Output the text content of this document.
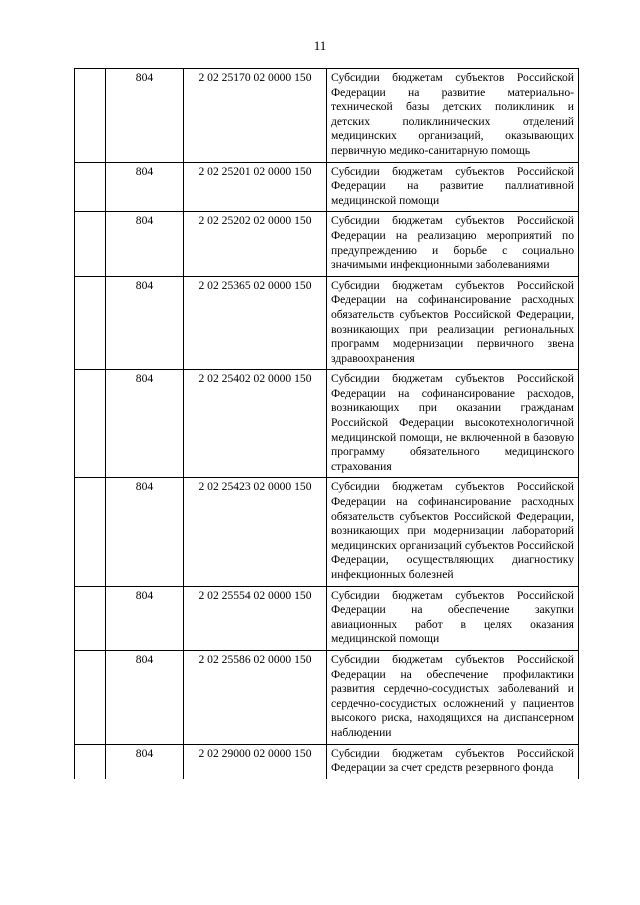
11
	804	2 02 25170 02 0000 150	Субсидии бюджетам субъектов Российской Федерации на развитие материально-технической базы детских поликлиник и детских поликлинических отделений медицинских организаций, оказывающих первичную медико-санитарную помощь
	804	2 02 25201 02 0000 150	Субсидии бюджетам субъектов Российской Федерации на развитие паллиативной медицинской помощи
	804	2 02 25202 02 0000 150	Субсидии бюджетам субъектов Российской Федерации на реализацию мероприятий по предупреждению и борьбе с социально значимыми инфекционными заболеваниями
	804	2 02 25365 02 0000 150	Субсидии бюджетам субъектов Российской Федерации на софинансирование расходных обязательств субъектов Российской Федерации, возникающих при реализации региональных программ модернизации первичного звена здравоохранения
	804	2 02 25402 02 0000 150	Субсидии бюджетам субъектов Российской Федерации на софинансирование расходов, возникающих при оказании гражданам Российской Федерации высокотехнологичной медицинской помощи, не включенной в базовую программу обязательного медицинского страхования
	804	2 02 25423 02 0000 150	Субсидии бюджетам субъектов Российской Федерации на софинансирование расходных обязательств субъектов Российской Федерации, возникающих при модернизации лабораторий медицинских организаций субъектов Российской Федерации, осуществляющих диагностику инфекционных болезней
	804	2 02 25554 02 0000 150	Субсидии бюджетам субъектов Российской Федерации на обеспечение закупки авиационных работ в целях оказания медицинской помощи
	804	2 02 25586 02 0000 150	Субсидии бюджетам субъектов Российской Федерации на обеспечение профилактики развития сердечно-сосудистых заболеваний и сердечно-сосудистых осложнений у пациентов высокого риска, находящихся на диспансерном наблюдении
	804	2 02 29000 02 0000 150	Субсидии бюджетам субъектов Российской Федерации за счет средств резервного фонда
